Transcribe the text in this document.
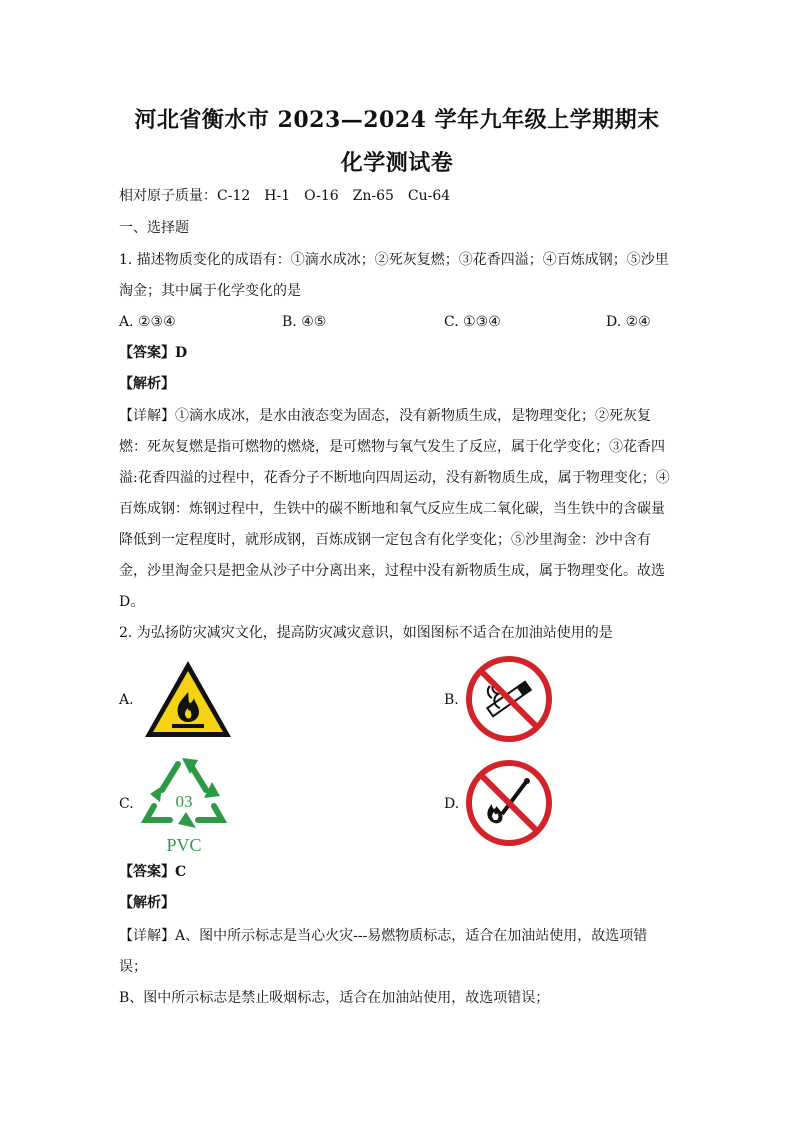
河北省衡水市 2023—2024 学年九年级上学期期末
化学测试卷
相对原子质量：C-12　H-1　O-16　Zn-65　Cu-64
一、选择题
1. 描述物质变化的成语有：①滴水成冰；②死灰复燃；③花香四溢；④百炼成钢；⑤沙里
淘金；其中属于化学变化的是
A. ②③④	B. ④⑤	C. ①③④	D. ②④
【答案】D
【解析】
【详解】①滴水成冰，是水由液态变为固态，没有新物质生成，是物理变化；②死灰复
燃：死灰复燃是指可燃物的燃烧，是可燃物与氧气发生了反应，属于化学变化；③花香四
溢:花香四溢的过程中，花香分子不断地向四周运动，没有新物质生成，属于物理变化；④
百炼成钢：炼钢过程中，生铁中的碳不断地和氧气反应生成二氧化碳，当生铁中的含碳量
降低到一定程度时，就形成钢，百炼成钢一定包含有化学变化；⑤沙里淘金：沙中含有
金，沙里淘金只是把金从沙子中分离出来，过程中没有新物质生成，属于物理变化。故选
D。
2. 为弘扬防灾减灾文化，提高防灾减灾意识，如图图标不适合在加油站使用的是
A.	B.
C.	D.
03
PVC
【答案】C
【解析】
【详解】A、图中所示标志是当心火灾---易燃物质标志，适合在加油站使用，故选项错
误；
B、图中所示标志是禁止吸烟标志，适合在加油站使用，故选项错误；
